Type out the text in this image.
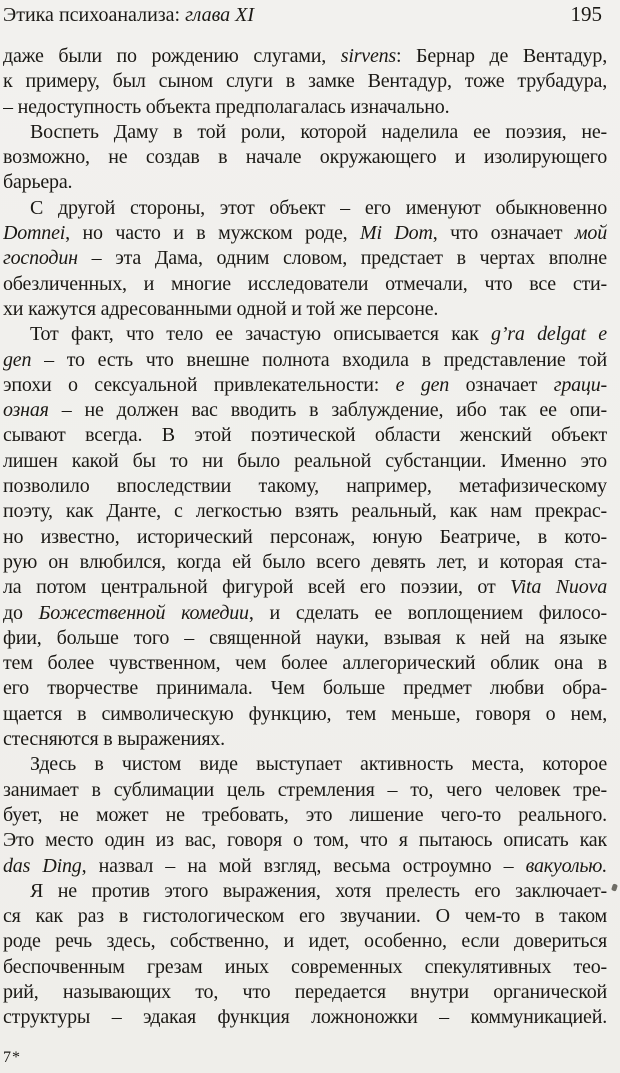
Этика психоанализа: глава XI	195
даже были по рождению слугами, sirvens: Бернар де Вентадур,
к примеру, был сыном слуги в замке Вентадур, тоже трубадура,
– недоступность объекта предполагалась изначально.
Воспеть Даму в той роли, которой наделила ее поэзия, не-
возможно, не создав в начале окружающего и изолирующего
барьера.
С другой стороны, этот объект – его именуют обыкновенно
Domnei, но часто и в мужском роде, Mi Dom, что означает мой
господин – эта Дама, одним словом, предстает в чертах вполне
обезличенных, и многие исследователи отмечали, что все сти-
хи кажутся адресованными одной и той же персоне.
Тот факт, что тело ее зачастую описывается как g’ra delgat e
gen – то есть что внешне полнота входила в представление той
эпохи о сексуальной привлекательности: e gen означает граци-
озная – не должен вас вводить в заблуждение, ибо так ее опи-
сывают всегда. В этой поэтической области женский объект
лишен какой бы то ни было реальной субстанции. Именно это
позволило впоследствии такому, например, метафизическому
поэту, как Данте, с легкостью взять реальный, как нам прекрас-
но известно, исторический персонаж, юную Беатриче, в кото-
рую он влюбился, когда ей было всего девять лет, и которая ста-
ла потом центральной фигурой всей его поэзии, от Vita Nuova
до Божественной комедии, и сделать ее воплощением филосо-
фии, больше того – священной науки, взывая к ней на языке
тем более чувственном, чем более аллегорический облик она в
его творчестве принимала. Чем больше предмет любви обра-
щается в символическую функцию, тем меньше, говоря о нем,
стесняются в выражениях.
Здесь в чистом виде выступает активность места, которое
занимает в сублимации цель стремления – то, чего человек тре-
бует, не может не требовать, это лишение чего-то реального.
Это место один из вас, говоря о том, что я пытаюсь описать как
das Ding, назвал – на мой взгляд, весьма остроумно – вакуолью.
Я не против этого выражения, хотя прелесть его заключает-
ся как раз в гистологическом его звучании. О чем-то в таком
роде речь здесь, собственно, и идет, особенно, если довериться
беспочвенным грезам иных современных спекулятивных тео-
рий, называющих то, что передается внутри органической
структуры – эдакая функция ложноножки – коммуникацией.
7*
